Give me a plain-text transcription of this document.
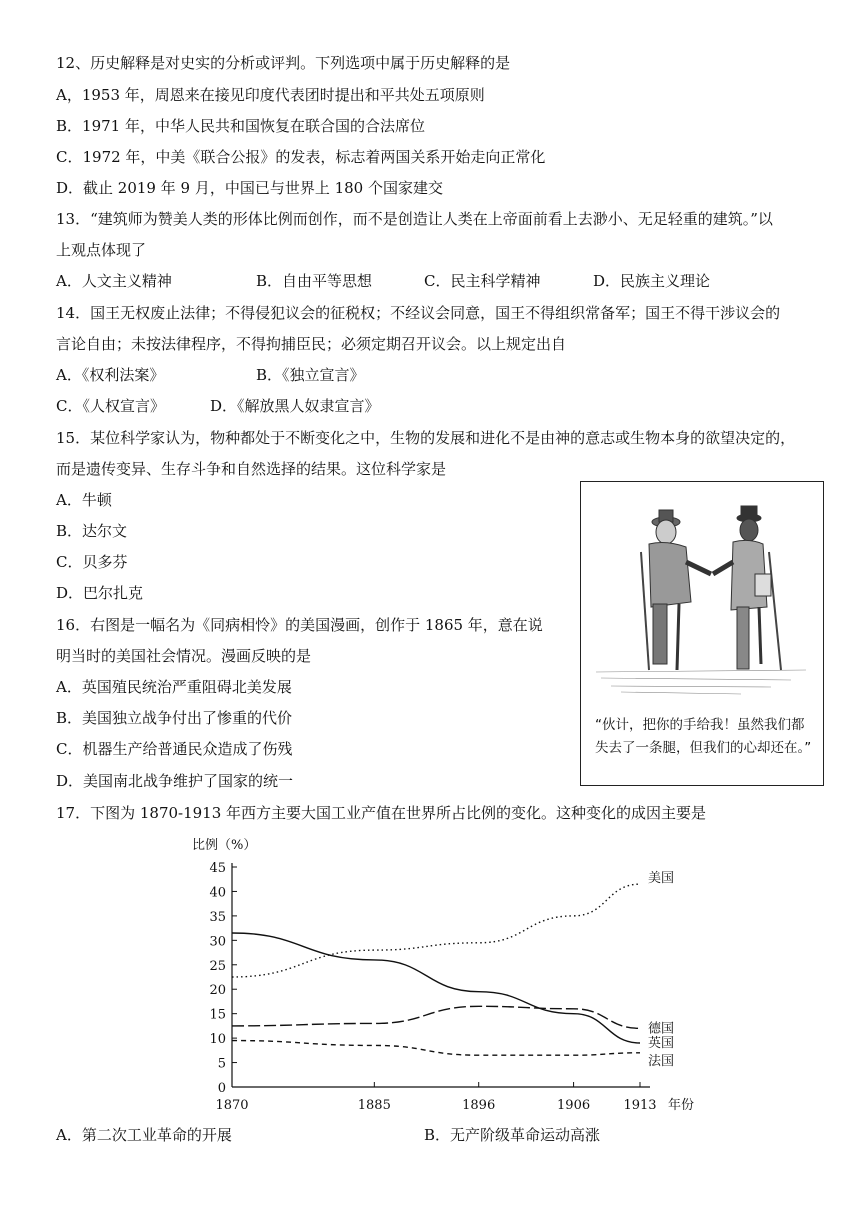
12、历史解释是对史实的分析或评判。下列选项中属于历史解释的是
A，1953 年，周恩来在接见印度代表团时提出和平共处五项原则
B．1971 年，中华人民共和国恢复在联合国的合法席位
C．1972 年，中美《联合公报》的发表，标志着两国关系开始走向正常化
D．截止 2019 年 9 月，中国已与世界上 180 个国家建交
13．“建筑师为赞美人类的形体比例而创作，而不是创造让人类在上帝面前看上去渺小、无足轻重的建筑。”以
上观点体现了
A．人文主义精神	B．自由平等思想	C．民主科学精神	D．民族主义理论
14．国王无权废止法律；不得侵犯议会的征税权；不经议会同意，国王不得组织常备军；国王不得干涉议会的
言论自由；未按法律程序，不得拘捕臣民；必须定期召开议会。以上规定出自
A．《权利法案》	B．《独立宣言》
C．《人权宣言》	D．《解放黑人奴隶宣言》
15．某位科学家认为，物种都处于不断变化之中，生物的发展和进化不是由神的意志或生物本身的欲望决定的，
而是遗传变异、生存斗争和自然选择的结果。这位科学家是
A．牛顿
B．达尔文
C．贝多芬
D．巴尔扎克
16．右图是一幅名为《同病相怜》的美国漫画，创作于 1865 年，意在说
明当时的美国社会情况。漫画反映的是
A．英国殖民统治严重阻碍北美发展
B．美国独立战争付出了惨重的代价
C．机器生产给普通民众造成了伤残
D．美国南北战争维护了国家的统一
“伙计，把你的手给我！虽然我们都失去了一条腿，但我们的心却还在。”
17．下图为 1870-1913 年西方主要大国工业产值在世界所占比例的变化。这种变化的成因主要是
0
5
10
15
20
25
30
35
40
45
1870	1885	1896	1906	1913
比例（%）
年份
美国
德国
英国
法国
A．第二次工业革命的开展	B．无产阶级革命运动高涨
